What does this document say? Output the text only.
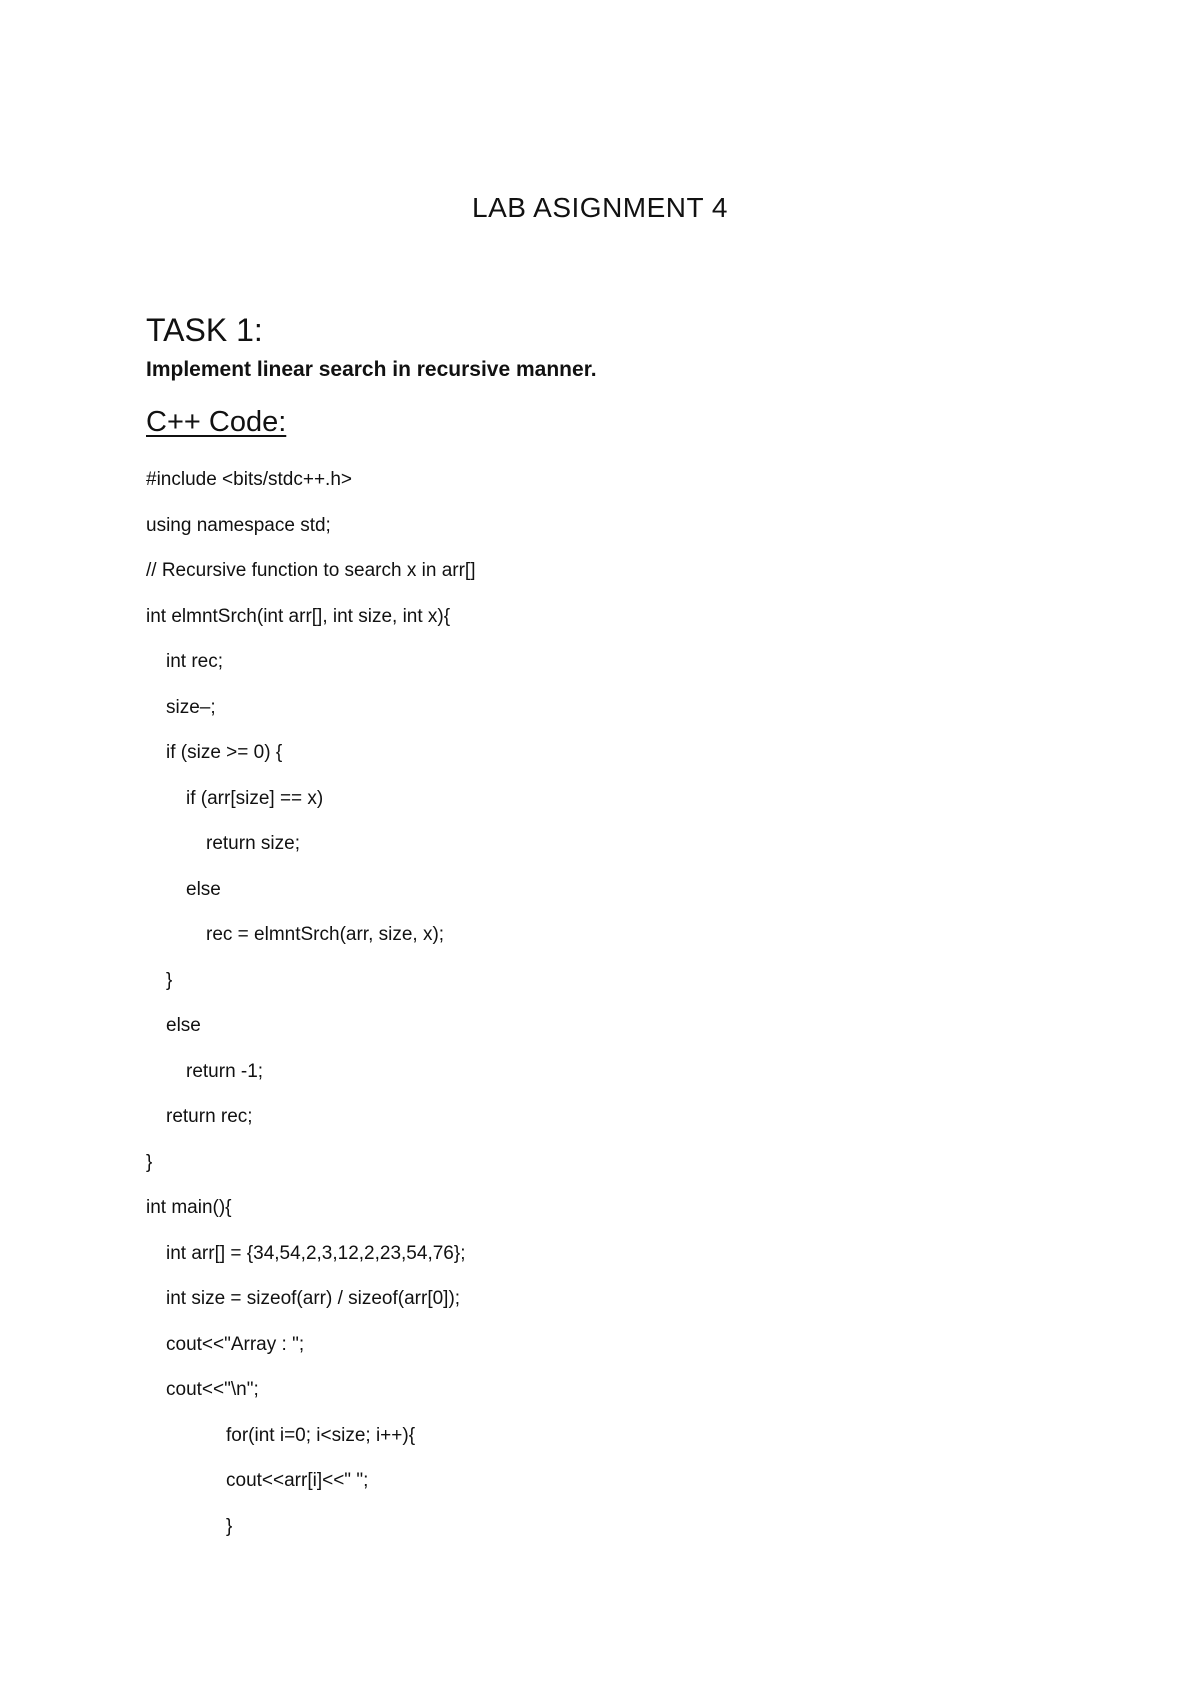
LAB ASIGNMENT 4
TASK 1:
Implement linear search in recursive manner.
C++ Code:
#include <bits/stdc++.h>
using namespace std;
// Recursive function to search x in arr[]
int elmntSrch(int arr[], int size, int x){
int rec;
size–;
if (size >= 0) {
if (arr[size] == x)
return size;
else
rec = elmntSrch(arr, size, x);
}
else
return -1;
return rec;
}
int main(){
int arr[] = {34,54,2,3,12,2,23,54,76};
int size = sizeof(arr) / sizeof(arr[0]);
cout<<"Array : ";
cout<<"\n";
for(int i=0; i<size; i++){
cout<<arr[i]<<" ";
}
